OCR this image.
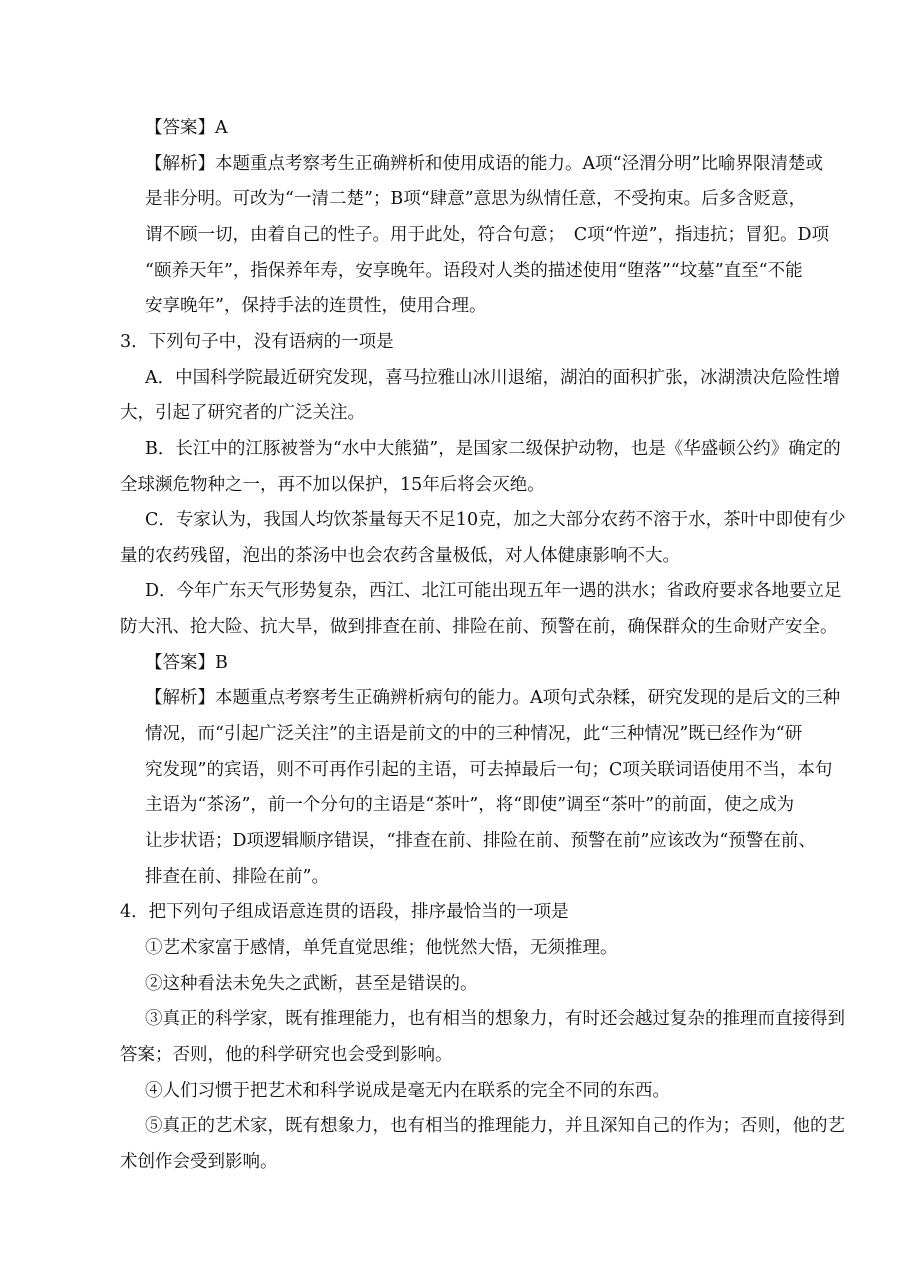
【答案】A
【解析】本题重点考察考生正确辨析和使用成语的能力。A项“泾渭分明”比喻界限清楚或
是非分明。可改为“一清二楚”；B项“肆意”意思为纵情任意，不受拘束。后多含贬意，
谓不顾一切，由着自己的性子。用于此处，符合句意；　C项“忤逆”，指违抗；冒犯。D项
“颐养天年”，指保养年寿，安享晚年。语段对人类的描述使用“堕落”“坟墓”直至“不能
安享晚年”，保持手法的连贯性，使用合理。
3．下列句子中，没有语病的一项是
A．中国科学院最近研究发现，喜马拉雅山冰川退缩，湖泊的面积扩张，冰湖溃决危险性增
大，引起了研究者的广泛关注。
B．长江中的江豚被誉为“水中大熊猫”，是国家二级保护动物，也是《华盛顿公约》确定的
全球濒危物种之一，再不加以保护，15年后将会灭绝。
C．专家认为，我国人均饮茶量每天不足10克，加之大部分农药不溶于水，茶叶中即使有少
量的农药残留，泡出的茶汤中也会农药含量极低，对人体健康影响不大。
D．今年广东天气形势复杂，西江、北江可能出现五年一遇的洪水；省政府要求各地要立足
防大汛、抢大险、抗大旱，做到排查在前、排险在前、预警在前，确保群众的生命财产安全。
【答案】B
【解析】本题重点考察考生正确辨析病句的能力。A项句式杂糅，研究发现的是后文的三种
情况，而“引起广泛关注”的主语是前文的中的三种情况，此“三种情况”既已经作为“研
究发现”的宾语，则不可再作引起的主语，可去掉最后一句；C项关联词语使用不当，本句
主语为“茶汤”，前一个分句的主语是“茶叶”，将“即使”调至“茶叶”的前面，使之成为
让步状语；D项逻辑顺序错误，“排查在前、排险在前、预警在前”应该改为“预警在前、
排查在前、排险在前”。
4．把下列句子组成语意连贯的语段，排序最恰当的一项是
①艺术家富于感情，单凭直觉思维；他恍然大悟，无须推理。
②这种看法未免失之武断，甚至是错误的。
③真正的科学家，既有推理能力，也有相当的想象力，有时还会越过复杂的推理而直接得到
答案；否则，他的科学研究也会受到影响。
④人们习惯于把艺术和科学说成是毫无内在联系的完全不同的东西。
⑤真正的艺术家，既有想象力，也有相当的推理能力，并且深知自己的作为；否则，他的艺
术创作会受到影响。
